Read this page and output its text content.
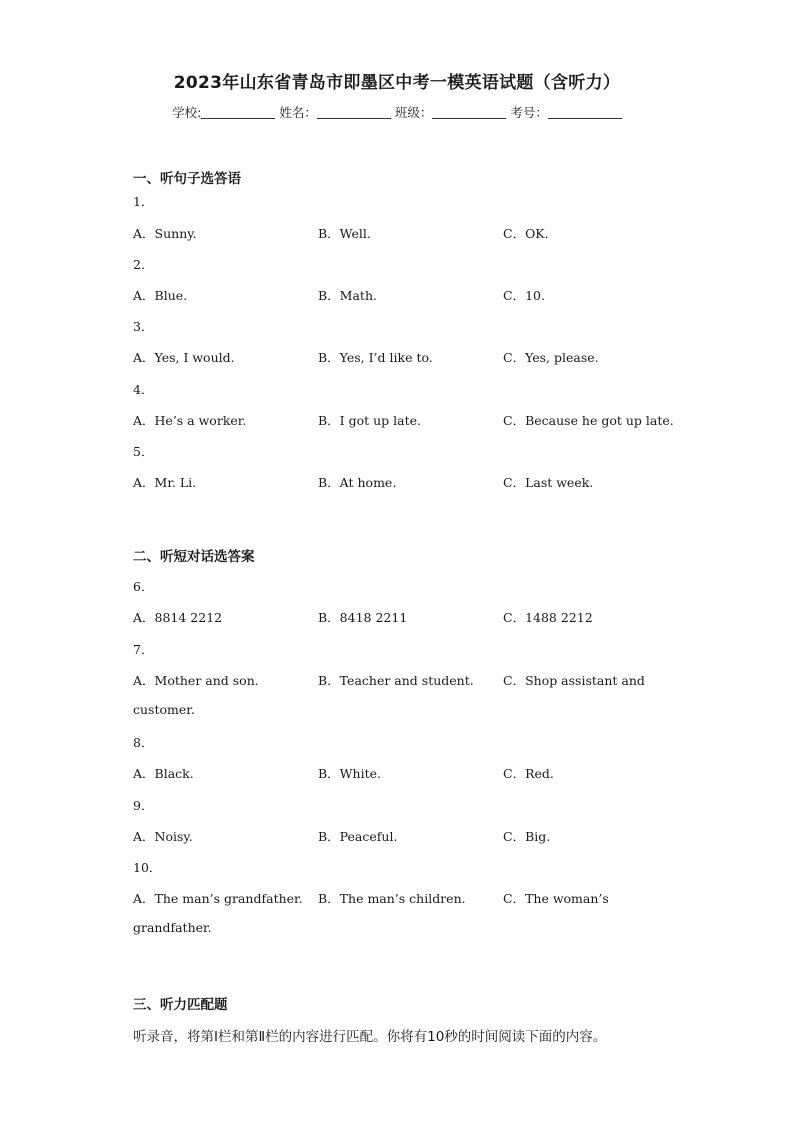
2023年山东省青岛市即墨区中考一模英语试题（含听力）
学校:	姓名：	班级：	考号：
一、听句子选答语
1．
A．Sunny.	B．Well.	C．OK.
2．
A．Blue.	B．Math.	C．10.
3．
A．Yes, I would.	B．Yes, I’d like to.	C．Yes, please.
4．
A．He’s a worker.	B．I got up late.	C．Because he got up late.
5．
A．Mr. Li.	B．At home.	C．Last week.
二、听短对话选答案
6．
A．8814 2212	B．8418 2211	C．1488 2212
7．
A．Mother and son.	B．Teacher and student. C．Shop assistant and
customer.
8．
A．Black.	B．White.	C．Red.
9．
A．Noisy.	B．Peaceful.	C．Big.
10．
A．The man’s grandfather. B．The man’s children.	C．The woman’s
grandfather.
三、听力匹配题
听录音，将第Ⅰ栏和第Ⅱ栏的内容进行匹配。你将有10秒的时间阅读下面的内容。
